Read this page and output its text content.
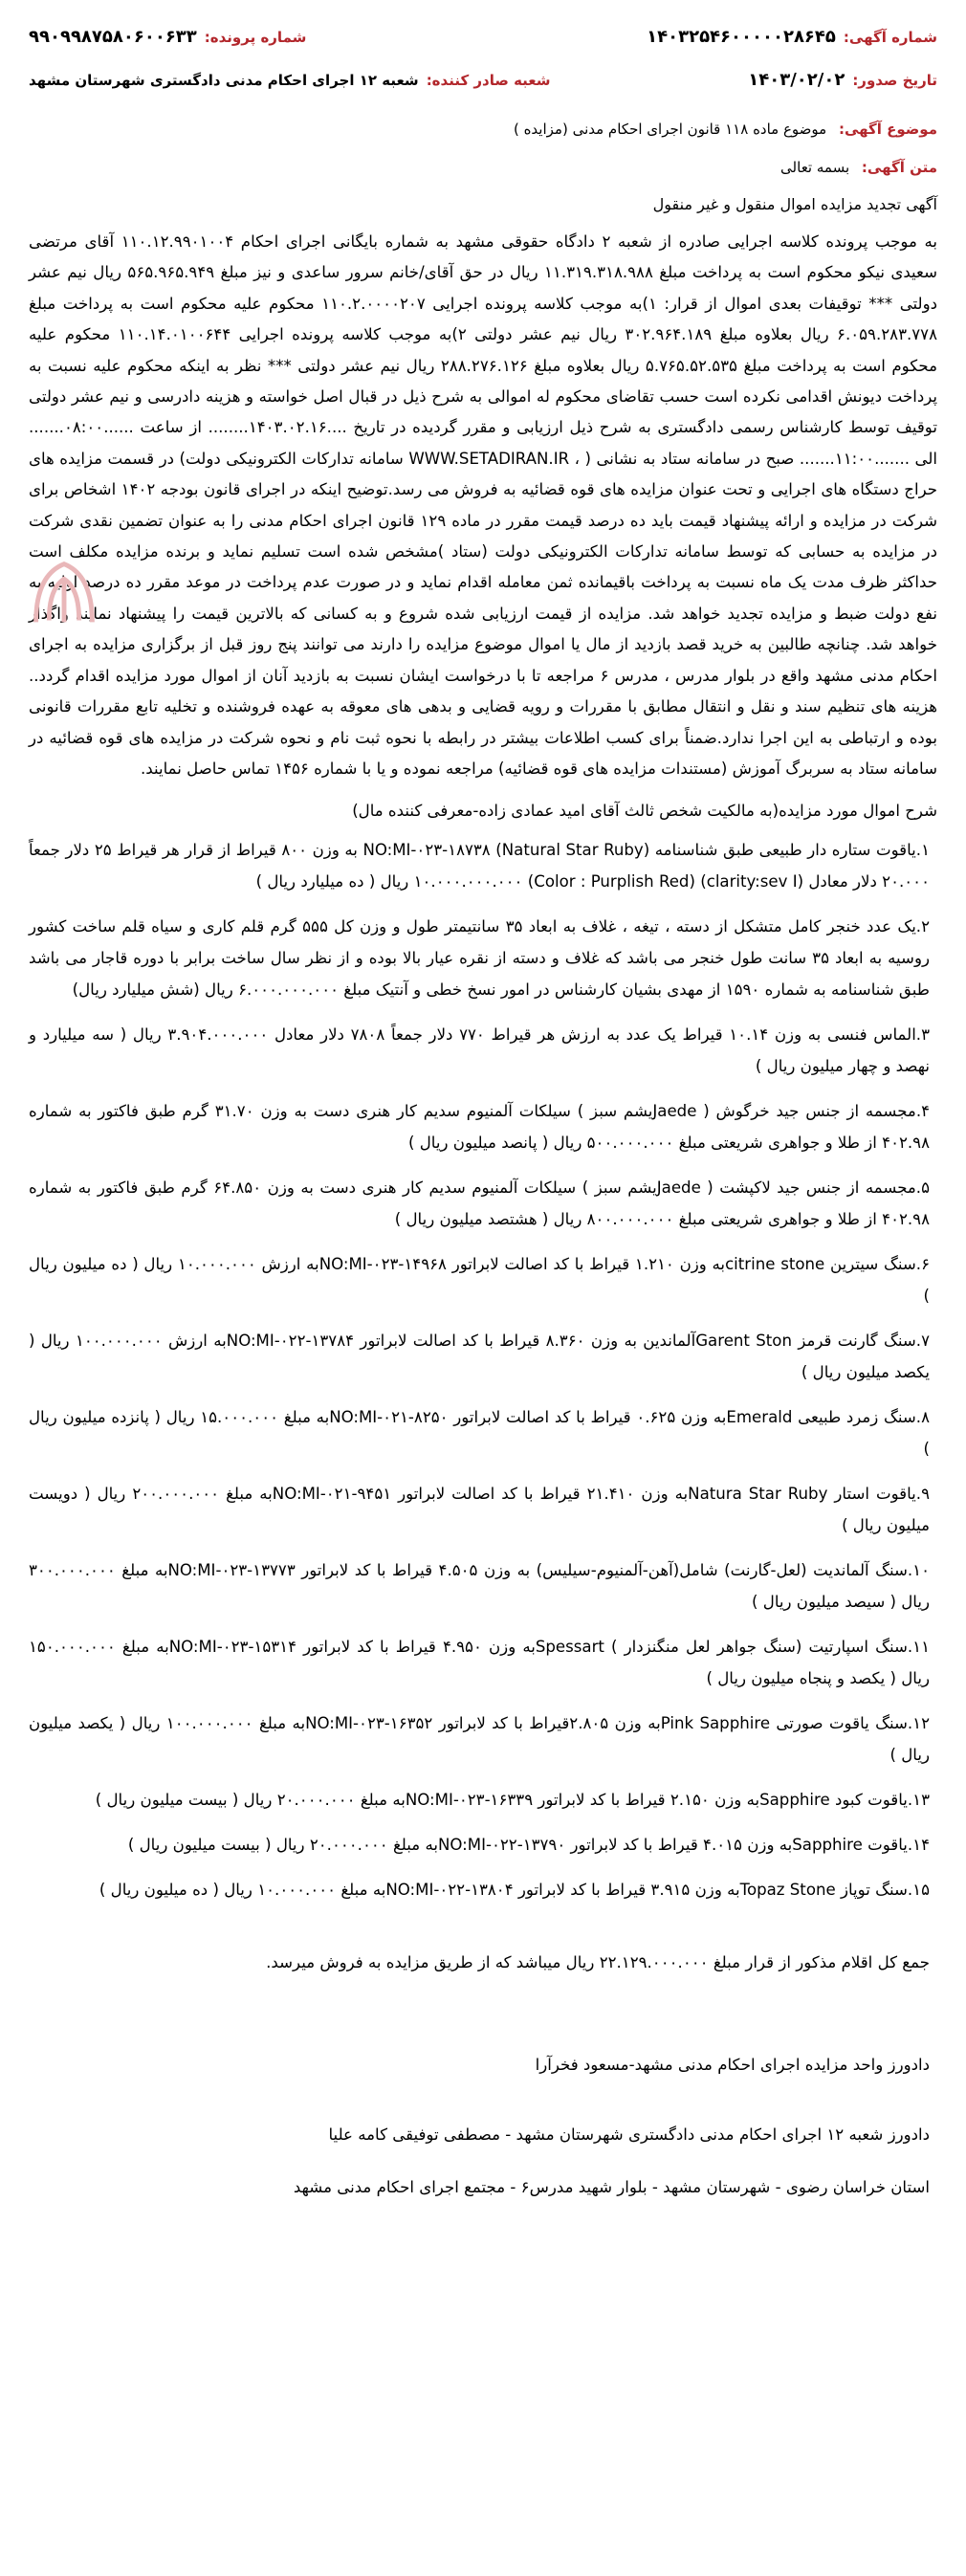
شماره آگهی:
۱۴۰۳۲۵۴۶۰۰۰۰۰۲۸۶۴۵
شماره پرونده:
۹۹۰۹۹۸۷۵۸۰۶۰۰۶۳۳
تاریخ صدور:
۱۴۰۳/۰۲/۰۲
شعبه صادر کننده:
شعبه ۱۲ اجرای احکام مدنی دادگستری شهرستان مشهد
موضوع آگهی: موضوع ماده ۱۱۸ قانون اجرای احکام مدنی (مزایده )
متن آگهی: بسمه تعالی
آگهی تجدید مزایده اموال منقول و غیر منقول

به موجب پرونده کلاسه اجرایی صادره از شعبه ۲ دادگاه حقوقی مشهد به شماره بایگانی اجرای احکام ۱۱۰.۱۲.۹۹۰۱۰۰۴ آقای مرتضی سعیدی نیکو محکوم است به پرداخت مبلغ ۱۱.۳۱۹.۳۱۸.۹۸۸ ریال در حق آقای/خانم سرور ساعدی و نیز مبلغ ۵۶۵.۹۶۵.۹۴۹ ریال نیم عشر دولتی *** توقیفات بعدی اموال از قرار: ۱)به موجب کلاسه پرونده اجرایی ۱۱۰.۲.۰۰۰۰۲۰۷ محکوم علیه محکوم است به پرداخت مبلغ ۶.۰۵۹.۲۸۳.۷۷۸ ریال بعلاوه مبلغ ۳۰۲.۹۶۴.۱۸۹ ریال نیم عشر دولتی ۲)به موجب کلاسه پرونده اجرایی ۱۱۰.۱۴.۰۱۰۰۶۴۴ محکوم علیه محکوم است به پرداخت مبلغ ۵.۷۶۵.۵۲.۵۳۵ ریال بعلاوه مبلغ ۲۸۸.۲۷۶.۱۲۶ ریال نیم عشر دولتی *** نظر به اینکه محکوم علیه نسبت به پرداخت دیونش اقدامی نکرده است حسب تقاضای محکوم له اموالی به شرح ذیل در قبال اصل خواسته و هزینه دادرسی و نیم عشر دولتی توقیف توسط کارشناس رسمی دادگستری به شرح ذیل ارزیابی و مقرر گردیده در تاریخ ....۱۴۰۳.۰۲.۱۶........ از ساعت ......۰۸:۰۰....... الی .......۱۱:۰۰....... صبح در سامانه ستاد به نشانی ( ، WWW.SETADIRAN.IR سامانه تدارکات الکترونیکی دولت) در قسمت مزایده های حراج دستگاه های اجرایی و تحت عنوان مزایده های قوه قضائیه به فروش می رسد.توضیح اینکه در اجرای قانون بودجه ۱۴۰۲ اشخاص برای شرکت در مزایده و ارائه پیشنهاد قیمت باید ده درصد قیمت مقرر در ماده ۱۲۹ قانون اجرای احکام مدنی را به عنوان تضمین نقدی شرکت در مزایده به حسابی که توسط سامانه تدارکات الکترونیکی دولت (ستاد )مشخص شده است تسلیم نماید و برنده مزایده مکلف است حداکثر ظرف مدت یک ماه نسبت به پرداخت باقیمانده ثمن معامله اقدام نماید و در صورت عدم پرداخت در موعد مقرر ده درصد اولیه به نفع دولت ضبط و مزایده تجدید خواهد شد. مزایده از قیمت ارزیابی شده شروع و به کسانی که بالاترین قیمت را پیشنهاد نمایند واگذار خواهد شد. چنانچه طالبین به خرید قصد بازدید از مال یا اموال موضوع مزایده را دارند می توانند پنج روز قبل از برگزاری مزایده به اجرای احکام مدنی مشهد واقع در بلوار مدرس ، مدرس ۶ مراجعه تا با درخواست ایشان نسبت به بازدید آنان از اموال مورد مزایده اقدام گردد.. هزینه های تنظیم سند و نقل و انتقال مطابق با مقررات و رویه قضایی و بدهی های معوقه به عهده فروشنده و تخلیه تابع مقررات قانونی بوده و ارتباطی به این اجرا ندارد.ضمناً برای کسب اطلاعات بیشتر در رابطه با نحوه ثبت نام و نحوه شرکت در مزایده های قوه قضائیه در سامانه ستاد به سربرگ آموزش (مستندات مزایده های قوه قضائیه) مراجعه نموده و یا با شماره ۱۴۵۶ تماس حاصل نمایند.

شرح اموال مورد مزایده(به مالکیت شخص ثالث آقای امید عمادی زاده-معرفی کننده مال)

۱.یاقوت ستاره دار طبیعی طبق شناسنامه (NO:MI-۰۲۳-۱۸۷۳۸ (Natural Star Ruby به وزن ۸۰۰ قیراط از قرار هر قیراط ۲۵ دلار جمعاً ۲۰.۰۰۰ دلار معادل (clarity:sev I) (Color : Purplish Red) ۱۰.۰۰۰.۰۰۰.۰۰۰ ریال ( ده میلیارد ریال )

۲.یک عدد خنجر کامل متشکل از دسته ، تیغه ، غلاف به ابعاد ۳۵ سانتیمتر طول و وزن کل ۵۵۵ گرم قلم کاری و سیاه قلم ساخت کشور روسیه به ابعاد ۳۵ سانت طول خنجر می باشد که غلاف و دسته از نقره عیار بالا بوده و از نظر سال ساخت برابر با دوره قاجار می باشد طبق شناسنامه به شماره ۱۵۹۰ از مهدی بشیان کارشناس در امور نسخ خطی و آنتیک مبلغ ۶.۰۰۰.۰۰۰.۰۰۰ ریال (شش میلیارد ریال)

۳.الماس فنسی به وزن ۱۰.۱۴ قیراط یک عدد به ارزش هر قیراط ۷۷۰ دلار جمعاً ۷۸۰۸ دلار معادل ۳.۹۰۴.۰۰۰.۰۰۰ ریال ( سه میلیارد و نهصد و چهار میلیون ریال )

۴.مجسمه از جنس جید خرگوش ( Jaedeیشم سبز ) سیلکات آلمنیوم سدیم کار هنری دست به وزن ۳۱.۷۰ گرم طبق فاکتور به شماره ۴۰۲.۹۸ از طلا و جواهری شریعتی مبلغ ۵۰۰.۰۰۰.۰۰۰ ریال ( پانصد میلیون ریال )

۵.مجسمه از جنس جید لاکپشت ( Jaedeیشم سبز ) سیلکات آلمنیوم سدیم کار هنری دست به وزن ۶۴.۸۵۰ گرم طبق فاکتور به شماره ۴۰۲.۹۸ از طلا و جواهری شریعتی مبلغ ۸۰۰.۰۰۰.۰۰۰ ریال ( هشتصد میلیون ریال )

۶.سنگ سیترین citrine stoneبه وزن ۱.۲۱۰ قیراط با کد اصالت لابراتور NO:MI-۰۲۳-۱۴۹۶۸به ارزش ۱۰.۰۰۰.۰۰۰ ریال ( ده میلیون ریال )

۷.سنگ گارنت قرمز Garent Stonآلماندین به وزن ۸.۳۶۰ قیراط با کد اصالت لابراتور NO:MI-۰۲۲-۱۳۷۸۴به ارزش ۱۰۰.۰۰۰.۰۰۰ ریال ( یکصد میلیون ریال )

۸.سنگ زمرد طبیعی Emeraldبه وزن ۰.۶۲۵ قیراط با کد اصالت لابراتور NO:MI-۰۲۱-۸۲۵۰به مبلغ ۱۵.۰۰۰.۰۰۰ ریال ( پانزده میلیون ریال )

۹.یاقوت استار Natura Star Rubyبه وزن ۲۱.۴۱۰ قیراط با کد اصالت لابراتور NO:MI-۰۲۱-۹۴۵۱به مبلغ ۲۰۰.۰۰۰.۰۰۰ ریال ( دویست میلیون ریال )

۱۰.سنگ آلماندیت (لعل-گارنت) شامل(آهن-آلمنیوم-سیلیس) به وزن ۴.۵۰۵ قیراط با کد لابراتور NO:MI-۰۲۳-۱۳۷۷۳به مبلغ ۳۰۰.۰۰۰.۰۰۰ ریال ( سیصد میلیون ریال )

۱۱.سنگ اسپارتیت (سنگ جواهر لعل منگنزدار ) Spessartبه وزن ۴.۹۵۰ قیراط با کد لابراتور NO:MI-۰۲۳-۱۵۳۱۴به مبلغ ۱۵۰.۰۰۰.۰۰۰ ریال ( یکصد و پنجاه میلیون ریال )

۱۲.سنگ یاقوت صورتی Pink Sapphireبه وزن ۲.۸۰۵قیراط با کد لابراتور NO:MI-۰۲۳-۱۶۳۵۲به مبلغ ۱۰۰.۰۰۰.۰۰۰ ریال ( یکصد میلیون ریال )

۱۳.یاقوت کبود Sapphireبه وزن ۲.۱۵۰ قیراط با کد لابراتور NO:MI-۰۲۳-۱۶۳۳۹به مبلغ ۲۰.۰۰۰.۰۰۰ ریال ( بیست میلیون ریال )

۱۴.یاقوت Sapphireبه وزن ۴.۰۱۵ قیراط با کد لابراتور NO:MI-۰۲۲-۱۳۷۹۰به مبلغ ۲۰.۰۰۰.۰۰۰ ریال ( بیست میلیون ریال )

۱۵.سنگ توپاز Topaz Stoneبه وزن ۳.۹۱۵ قیراط با کد لابراتور NO:MI-۰۲۲-۱۳۸۰۴به مبلغ ۱۰.۰۰۰.۰۰۰ ریال ( ده میلیون ریال )

جمع کل اقلام مذکور از قرار مبلغ ۲۲.۱۲۹.۰۰۰.۰۰۰ ریال میباشد که از طریق مزایده به فروش میرسد.
دادورز واحد مزایده اجرای احکام مدنی مشهد-مسعود فخرآرا
دادورز شعبه ۱۲ اجرای احکام مدنی دادگستری شهرستان مشهد - مصطفی توفیقی کامه علیا
استان خراسان رضوی - شهرستان مشهد - بلوار شهید مدرس۶ - مجتمع اجرای احکام مدنی مشهد
